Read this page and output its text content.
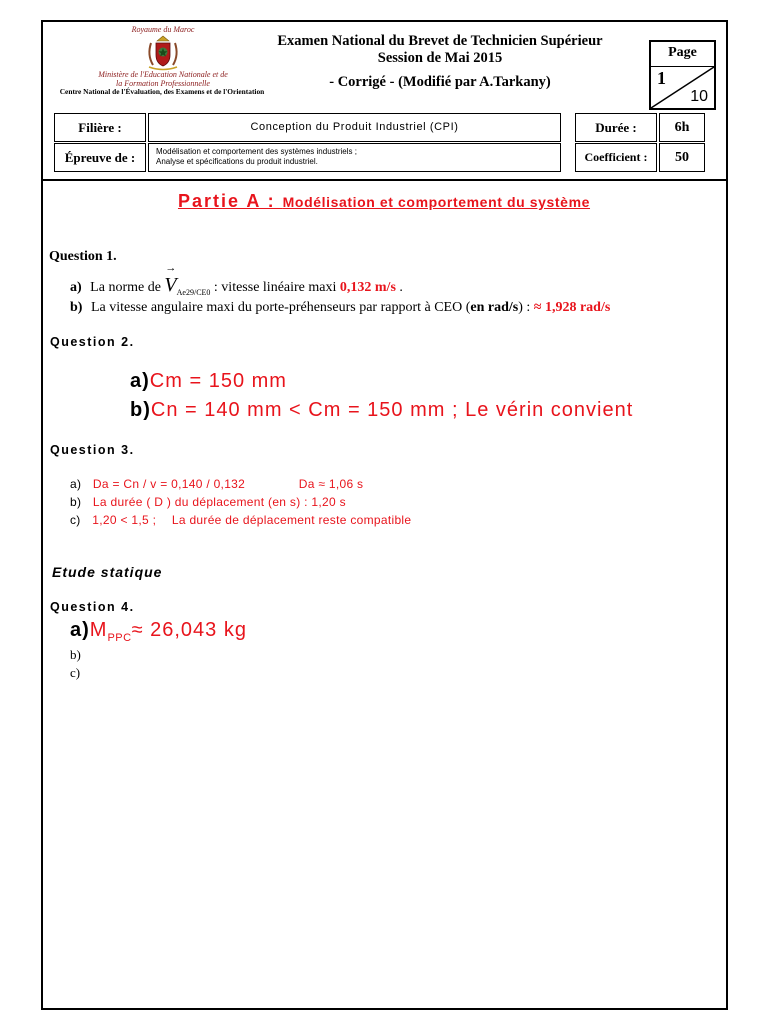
Royaume du Maroc
Ministère de l'Education Nationale et de
la Formation Professionnelle
Centre National de l'Évaluation, des Examens et de l'Orientation
Examen National du Brevet de Technicien Supérieur
Session de Mai 2015
- Corrigé - (Modifié par A.Tarkany)
Page
1
10
Filière :	Conception du Produit Industriel (CPI)
Épreuve de :	Modélisation et comportement des systèmes industriels ;
Analyse et spécifications du produit industriel.
Durée :	6h
Coefficient :	50
Partie A : Modélisation et comportement du système
Question 1.
a) La norme de
→
$V_{Ae29/CE0}$ : vitesse linéaire maxi 0,132 m/s .
b) La vitesse angulaire maxi du porte-préhenseurs par rapport à CEO (en rad/s) : ≈ 1,928 rad/s
Question 2.
a)Cm = 150 mm
b)Cn = 140 mm < Cm = 150 mm ; Le vérin convient
Question 3.
a) Da = Cn / v = 0,140 / 0,132	Da ≈ 1,06 s
b) La durée ( D ) du déplacement (en s) : 1,20 s
c) 1,20 < 1,5 ; La durée de déplacement reste compatible
Etude statique
Question 4.
$a)M_{PPC}\approx 26,043$ kg
b)
c)
